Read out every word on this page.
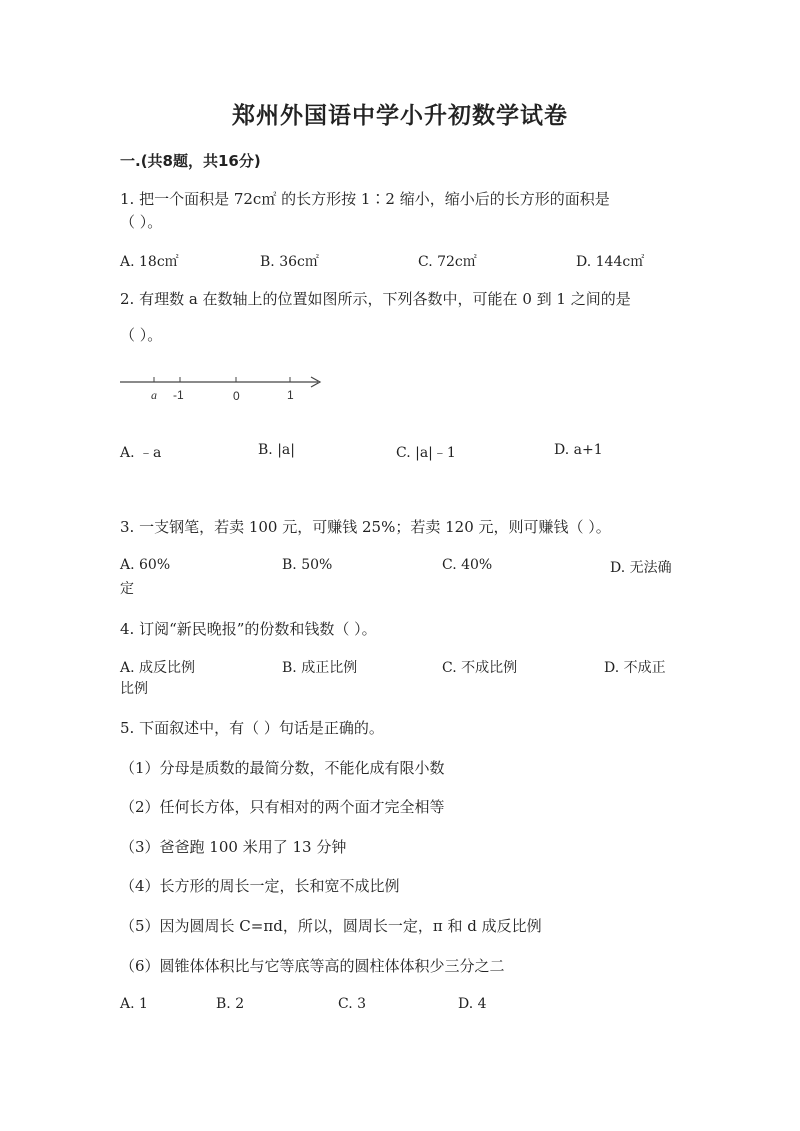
郑州外国语中学小升初数学试卷
一.(共8题，共16分)
1. 把一个面积是 72c㎡ 的长方形按 1∶2 缩小，缩小后的长方形的面积是
（ ）。
A. 18c㎡	B. 36c㎡	C. 72c㎡	D. 144c㎡
2. 有理数 a 在数轴上的位置如图所示，下列各数中，可能在 0 到 1 之间的是
（ ）。
a -1	0	1
A. ﹣a	B. |a|	C. |a|﹣1	D. a+1
3. 一支钢笔，若卖 100 元，可赚钱 25%；若卖 120 元，则可赚钱（ ）。
A. 60%	B. 50%	C. 40%	D. 无法确
定
4. 订阅“新民晚报”的份数和钱数（ ）。
A. 成反比例	B. 成正比例	C. 不成比例	D. 不成正
比例
5. 下面叙述中，有（ ）句话是正确的。
（1）分母是质数的最简分数，不能化成有限小数
（2）任何长方体，只有相对的两个面才完全相等
（3）爸爸跑 100 米用了 13 分钟
（4）长方形的周长一定，长和宽不成比例
（5）因为圆周长 C=πd，所以，圆周长一定，π 和 d 成反比例
（6）圆锥体体积比与它等底等高的圆柱体体积少三分之二
A. 1	B. 2	C. 3	D. 4
